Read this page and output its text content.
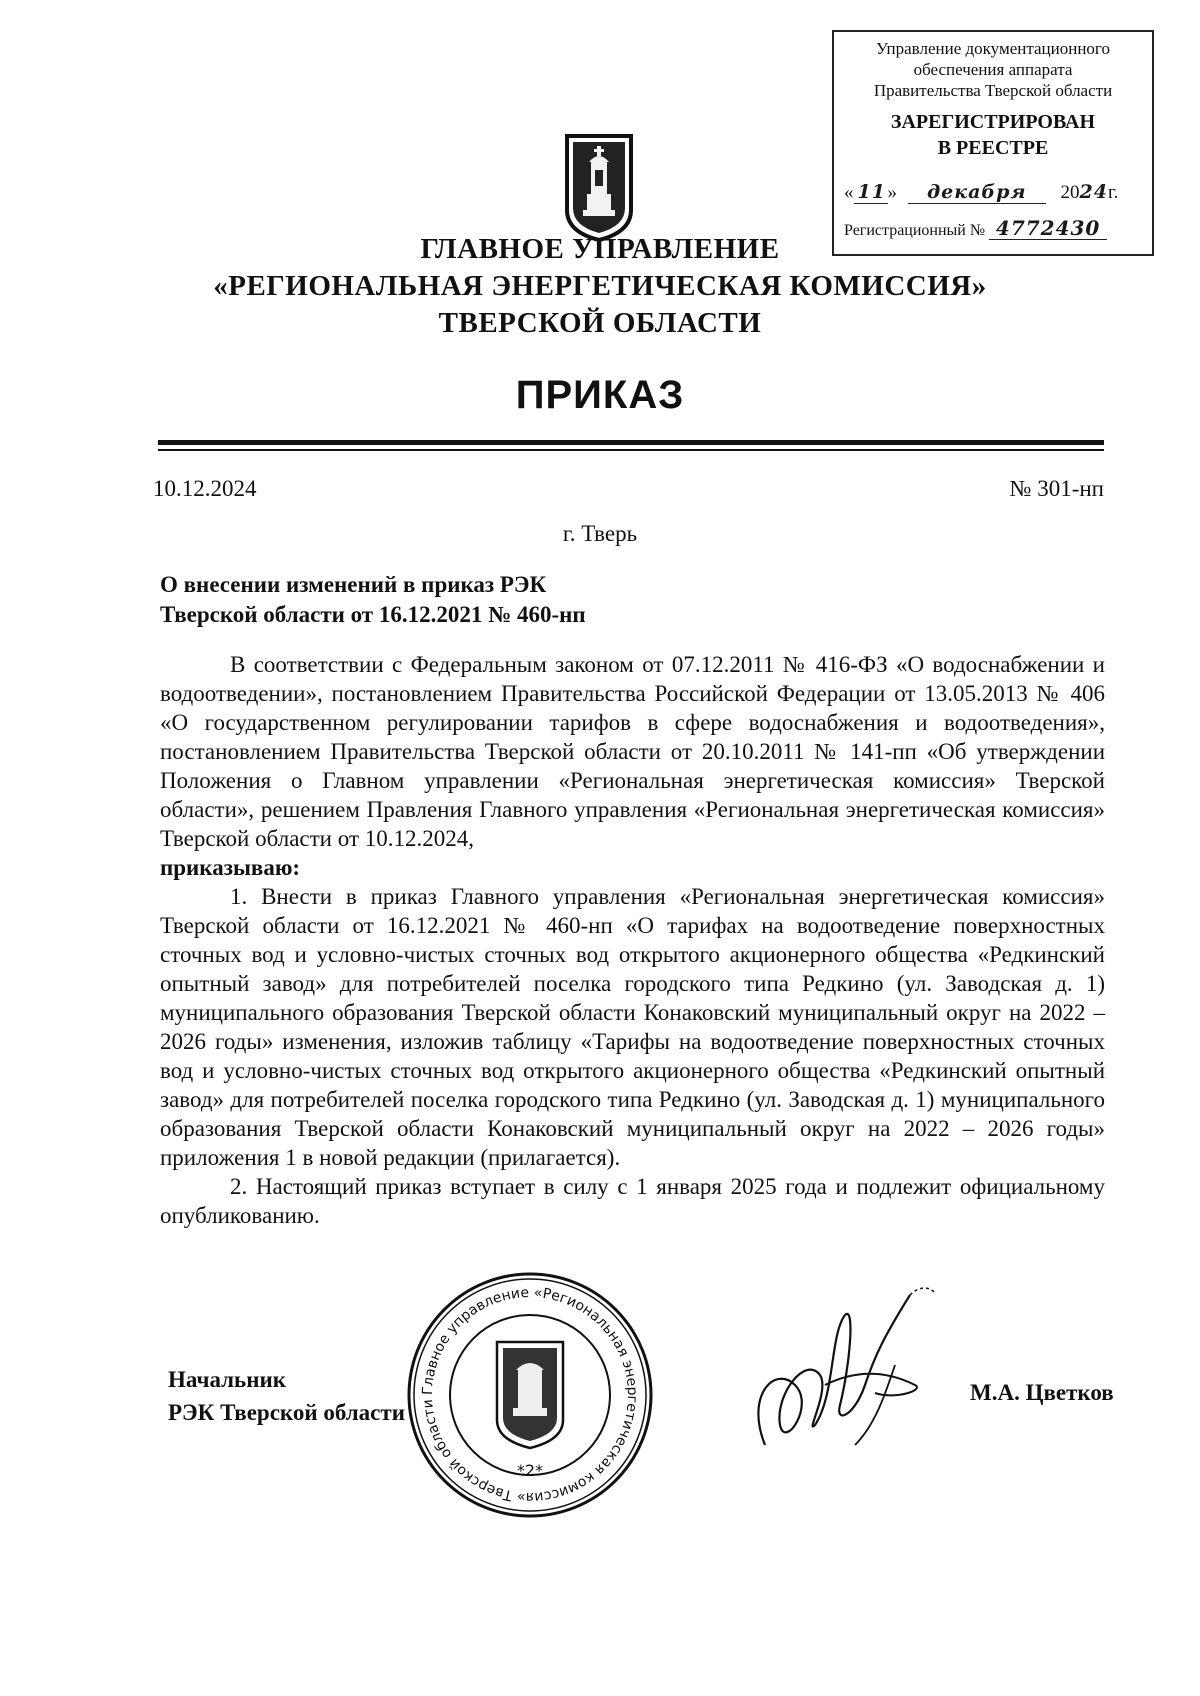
Управление документационного
обеспечения аппарата
Правительства Тверской области
ЗАРЕГИСТРИРОВАН
В РЕЕСТРЕ
« 11» декабря 2024г.
Регистрационный № 4772430
ГЛАВНОЕ УПРАВЛЕНИЕ
«РЕГИОНАЛЬНАЯ ЭНЕРГЕТИЧЕСКАЯ КОМИССИЯ»
ТВЕРСКОЙ ОБЛАСТИ
ПРИКАЗ
10.12.2024	№ 301-нп
г. Тверь
О внесении изменений в приказ РЭК
Тверской области от 16.12.2021 № 460-нп

В соответствии с Федеральным законом от 07.12.2011 № 416-ФЗ «О водоснабжении и водоотведении», постановлением Правительства Российской Федерации от 13.05.2013 № 406 «О государственном регулировании тарифов в сфере водоснабжения и водоотведения», постановлением Правительства Тверской области от 20.10.2011 № 141-пп «Об утверждении Положения о Главном управлении «Региональная энергетическая комиссия» Тверской области», решением Правления Главного управления «Региональная энергетическая комиссия» Тверской области от 10.12.2024,

приказываю:

1. Внести в приказ Главного управления «Региональная энергетическая комиссия» Тверской области от 16.12.2021 № 460-нп «О тарифах на водоотведение поверхностных сточных вод и условно-чистых сточных вод открытого акционерного общества «Редкинский опытный завод» для потребителей поселка городского типа Редкино (ул. Заводская д. 1) муниципального образования Тверской области Конаковский муниципальный округ на 2022 – 2026 годы» изменения, изложив таблицу «Тарифы на водоотведение поверхностных сточных вод и условно-чистых сточных вод открытого акционерного общества «Редкинский опытный завод» для потребителей поселка городского типа Редкино (ул. Заводская д. 1) муниципального образования Тверской области Конаковский муниципальный округ на 2022 – 2026 годы» приложения 1 в новой редакции (прилагается).

2. Настоящий приказ вступает в силу с 1 января 2025 года и подлежит официальному опубликованию.

Главное управление «Региональная энергетическая комиссия» Тверской области
*2*
Начальник
РЭК Тверской области
М.А. Цветков
